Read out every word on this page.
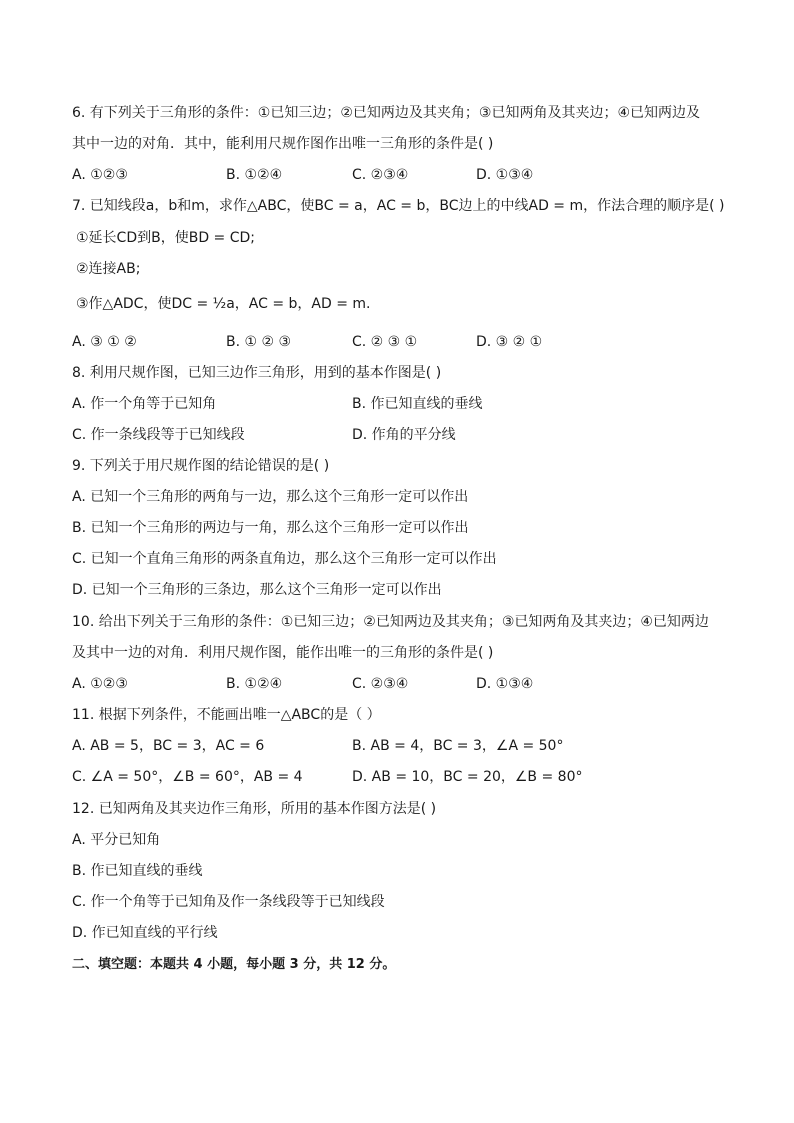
6. 有下列关于三角形的条件：①已知三边；②已知两边及其夹角；③已知两角及其夹边；④已知两边及
其中一边的对角．其中，能利用尺规作图作出唯一三角形的条件是( )
A. ①②③	B. ①②④	C. ②③④	D. ①③④
7. 已知线段a，b和m，求作△ABC，使BC = a，AC = b，BC边上的中线AD = m，作法合理的顺序是( )
①延长CD到B，使BD = CD;
②连接AB;
③作△ADC，使DC = ½a，AC = b，AD = m.
A. ③ ① ②	B. ① ② ③	C. ② ③ ①	D. ③ ② ①
8. 利用尺规作图，已知三边作三角形，用到的基本作图是( )
A. 作一个角等于已知角	B. 作已知直线的垂线
C. 作一条线段等于已知线段	D. 作角的平分线
9. 下列关于用尺规作图的结论错误的是( )
A. 已知一个三角形的两角与一边，那么这个三角形一定可以作出
B. 已知一个三角形的两边与一角，那么这个三角形一定可以作出
C. 已知一个直角三角形的两条直角边，那么这个三角形一定可以作出
D. 已知一个三角形的三条边，那么这个三角形一定可以作出
10. 给出下列关于三角形的条件：①已知三边；②已知两边及其夹角；③已知两角及其夹边；④已知两边
及其中一边的对角．利用尺规作图，能作出唯一的三角形的条件是( )
A. ①②③	B. ①②④	C. ②③④	D. ①③④
11. 根据下列条件，不能画出唯一△ABC的是（ ）
A. AB = 5，BC = 3，AC = 6	B. AB = 4，BC = 3，∠A = 50°
C. ∠A = 50°，∠B = 60°，AB = 4	D. AB = 10，BC = 20，∠B = 80°
12. 已知两角及其夹边作三角形，所用的基本作图方法是( )
A. 平分已知角
B. 作已知直线的垂线
C. 作一个角等于已知角及作一条线段等于已知线段
D. 作已知直线的平行线
二、填空题：本题共 4 小题，每小题 3 分，共 12 分。
